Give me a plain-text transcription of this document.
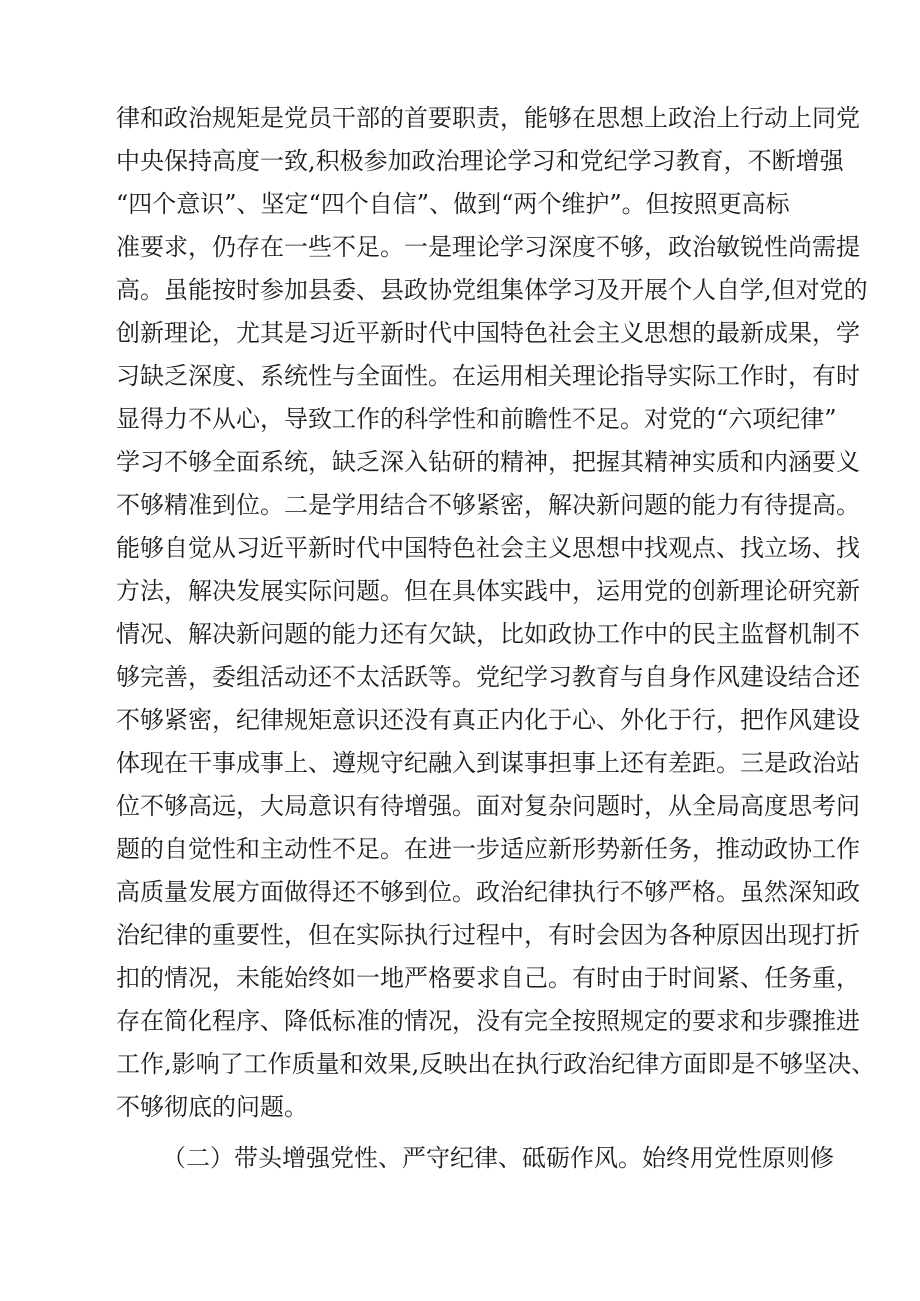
律和政治规矩是党员干部的首要职责，能够在思想上政治上行动上同党
中央保持高度一致,积极参加政治理论学习和党纪学习教育，不断增强
“四个意识”、坚定“四个自信”、做到“两个维护”。但按照更高标
准要求，仍存在一些不足。一是理论学习深度不够，政治敏锐性尚需提
高。虽能按时参加县委、县政协党组集体学习及开展个人自学,但对党的
创新理论，尤其是习近平新时代中国特色社会主义思想的最新成果，学
习缺乏深度、系统性与全面性。在运用相关理论指导实际工作时，有时
显得力不从心，导致工作的科学性和前瞻性不足。对党的“六项纪律”
学习不够全面系统，缺乏深入钻研的精神，把握其精神实质和内涵要义
不够精准到位。二是学用结合不够紧密，解决新问题的能力有待提高。
能够自觉从习近平新时代中国特色社会主义思想中找观点、找立场、找
方法，解决发展实际问题。但在具体实践中，运用党的创新理论研究新
情况、解决新问题的能力还有欠缺，比如政协工作中的民主监督机制不
够完善，委组活动还不太活跃等。党纪学习教育与自身作风建设结合还
不够紧密，纪律规矩意识还没有真正内化于心、外化于行，把作风建设
体现在干事成事上、遵规守纪融入到谋事担事上还有差距。三是政治站
位不够高远，大局意识有待增强。面对复杂问题时，从全局高度思考问
题的自觉性和主动性不足。在进一步适应新形势新任务，推动政协工作
高质量发展方面做得还不够到位。政治纪律执行不够严格。虽然深知政
治纪律的重要性，但在实际执行过程中，有时会因为各种原因出现打折
扣的情况，未能始终如一地严格要求自己。有时由于时间紧、任务重，
存在简化程序、降低标准的情况，没有完全按照规定的要求和步骤推进
工作,影响了工作质量和效果,反映出在执行政治纪律方面即是不够坚决、
不够彻底的问题。
（二）带头增强党性、严守纪律、砥砺作风。始终用党性原则修
